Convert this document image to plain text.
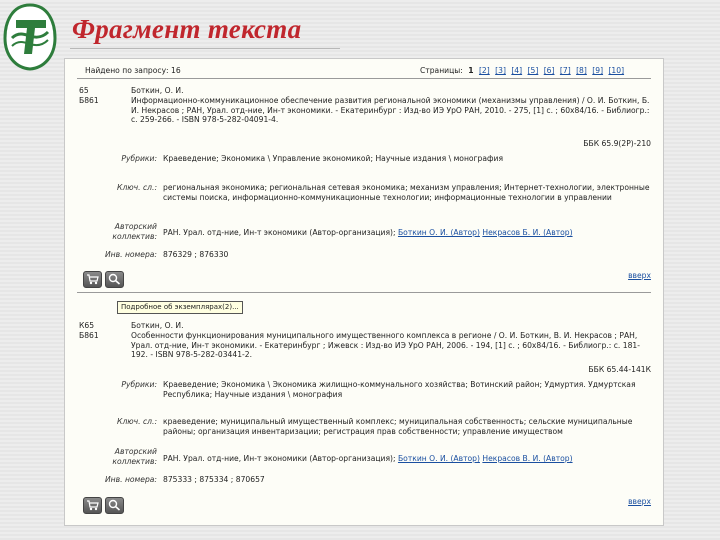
Фрагмент текста
Найдено по запросу: 16	Страницы: 1 [2] [3] [4] [5] [6] [7] [8] [9] [10]
65
Б861
Боткин, О. И.
Информационно-коммуникационное обеспечение развития региональной экономики (механизмы управления) / О. И. Боткин, Б. И. Некрасов ; РАН, Урал. отд-ние, Ин-т экономики. - Екатеринбург : Изд-во ИЭ УрО РАН, 2010. - 275, [1] с. ; 60х84/16. - Библиогр.: с. 259-266. - ISBN 978-5-282-04091-4.
ББК 65.9(2Р)-210
Рубрики: Краеведение; Экономика \ Управление экономикой; Научные издания \ монография
Ключ. сл.: региональная экономика; региональная сетевая экономика; механизм управления; Интернет-технологии, электронные системы поиска, информационно-коммуникационные технологии; информационные технологии в управлении
Авторский
коллектив: РАН. Урал. отд-ние, Ин-т экономики (Автор-организация); Боткин О. И. (Автор) Некрасов Б. И. (Автор)
Инв. номера: 876329 ; 876330
вверх
К65
Б861
Боткин, О. И.
Особенности функционирования муниципального имущественного комплекса в регионе / О. И. Боткин, В. И. Некрасов ; РАН, Урал. отд-ние, Ин-т экономики. - Екатеринбург ; Ижевск : Изд-во ИЭ УрО РАН, 2006. - 194, [1] с. ; 60х84/16. - Библиогр.: с. 181-192. - ISBN 978-5-282-03441-2.
ББК 65.44-141К
Рубрики: Краеведение; Экономика \ Экономика жилищно-коммунального хозяйства; Вотинский район; Удмуртия. Удмуртская Республика; Научные издания \ монография
Ключ. сл.: краеведение; муниципальный имущественный комплекс; муниципальная собственность; сельские муниципальные районы; организация инвентаризации; регистрация прав собственности; управление имуществом
Авторский
коллектив: РАН. Урал. отд-ние, Ин-т экономики (Автор-организация); Боткин О. И. (Автор) Некрасов В. И. (Автор)
Инв. номера: 875333 ; 875334 ; 870657
вверх
Подробное об экземплярах(2)...
